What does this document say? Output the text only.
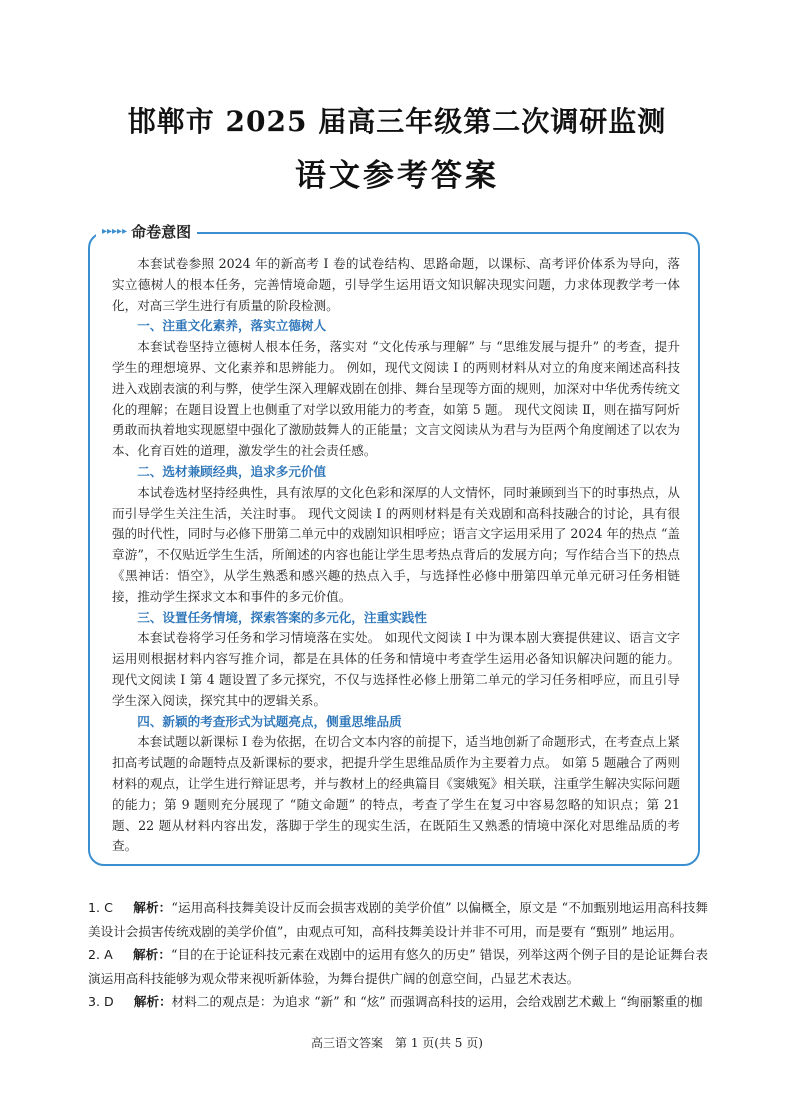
邯郸市 2025 届高三年级第二次调研监测
语文参考答案
▸▸▸▸▸ 命卷意图

本套试卷参照 2024 年的新高考 Ⅰ 卷的试卷结构、思路命题，以课标、高考评价体系为导向，落实立德树人的根本任务，完善情境命题，引导学生运用语文知识解决现实问题，力求体现教学考一体化，对高三学生进行有质量的阶段检测。

一、注重文化素养，落实立德树人

本套试卷坚持立德树人根本任务，落实对 “文化传承与理解” 与 “思维发展与提升” 的考查，提升学生的理想境界、文化素养和思辨能力。 例如，现代文阅读 Ⅰ 的两则材料从对立的角度来阐述高科技进入戏剧表演的利与弊，使学生深入理解戏剧在创排、舞台呈现等方面的规则，加深对中华优秀传统文化的理解；在题目设置上也侧重了对学以致用能力的考查，如第 5 题。 现代文阅读 Ⅱ，则在描写阿炘勇敢而执着地实现愿望中强化了激励鼓舞人的正能量；文言文阅读从为君与为臣两个角度阐述了以农为本、化育百姓的道理，激发学生的社会责任感。

二、选材兼顾经典，追求多元价值

本试卷选材坚持经典性，具有浓厚的文化色彩和深厚的人文情怀，同时兼顾到当下的时事热点，从而引导学生关注生活，关注时事。 现代文阅读 Ⅰ 的两则材料是有关戏剧和高科技融合的讨论，具有很强的时代性，同时与必修下册第二单元中的戏剧知识相呼应；语言文字运用采用了 2024 年的热点 “盖章游”，不仅贴近学生生活，所阐述的内容也能让学生思考热点背后的发展方向；写作结合当下的热点《黑神话：悟空》，从学生熟悉和感兴趣的热点入手，与选择性必修中册第四单元单元研习任务相链接，推动学生探求文本和事件的多元价值。

三、设置任务情境，探索答案的多元化，注重实践性

本套试卷将学习任务和学习情境落在实处。 如现代文阅读 Ⅰ 中为课本剧大赛提供建议、语言文字运用则根据材料内容写推介词，都是在具体的任务和情境中考查学生运用必备知识解决问题的能力。 现代文阅读 Ⅰ 第 4 题设置了多元探究，不仅与选择性必修上册第二单元的学习任务相呼应，而且引导学生深入阅读，探究其中的逻辑关系。

四、新颖的考查形式为试题亮点，侧重思维品质

本套试题以新课标 Ⅰ 卷为依据，在切合文本内容的前提下，适当地创新了命题形式，在考查点上紧扣高考试题的命题特点及新课标的要求，把提升学生思维品质作为主要着力点。 如第 5 题融合了两则材料的观点，让学生进行辩证思考，并与教材上的经典篇目《窦娥冤》相关联，注重学生解决实际问题的能力；第 9 题则充分展现了 “随文命题” 的特点，考查了学生在复习中容易忽略的知识点；第 21 题、22 题从材料内容出发，落脚于学生的现实生活，在既陌生又熟悉的情境中深化对思维品质的考查。

1. C 解析：“运用高科技舞美设计反而会损害戏剧的美学价值” 以偏概全，原文是 “不加甄别地运用高科技舞美设计会损害传统戏剧的美学价值”，由观点可知，高科技舞美设计并非不可用，而是要有 “甄别” 地运用。

2. A 解析：“目的在于论证科技元素在戏剧中的运用有悠久的历史” 错误，列举这两个例子目的是论证舞台表演运用高科技能够为观众带来视听新体验，为舞台提供广阔的创意空间，凸显艺术表达。

3. D 解析：材料二的观点是：为追求 “新” 和 “炫” 而强调高科技的运用，会给戏剧艺术戴上 “绚丽繁重的枷

高三语文答案　第 1 页(共 5 页)
